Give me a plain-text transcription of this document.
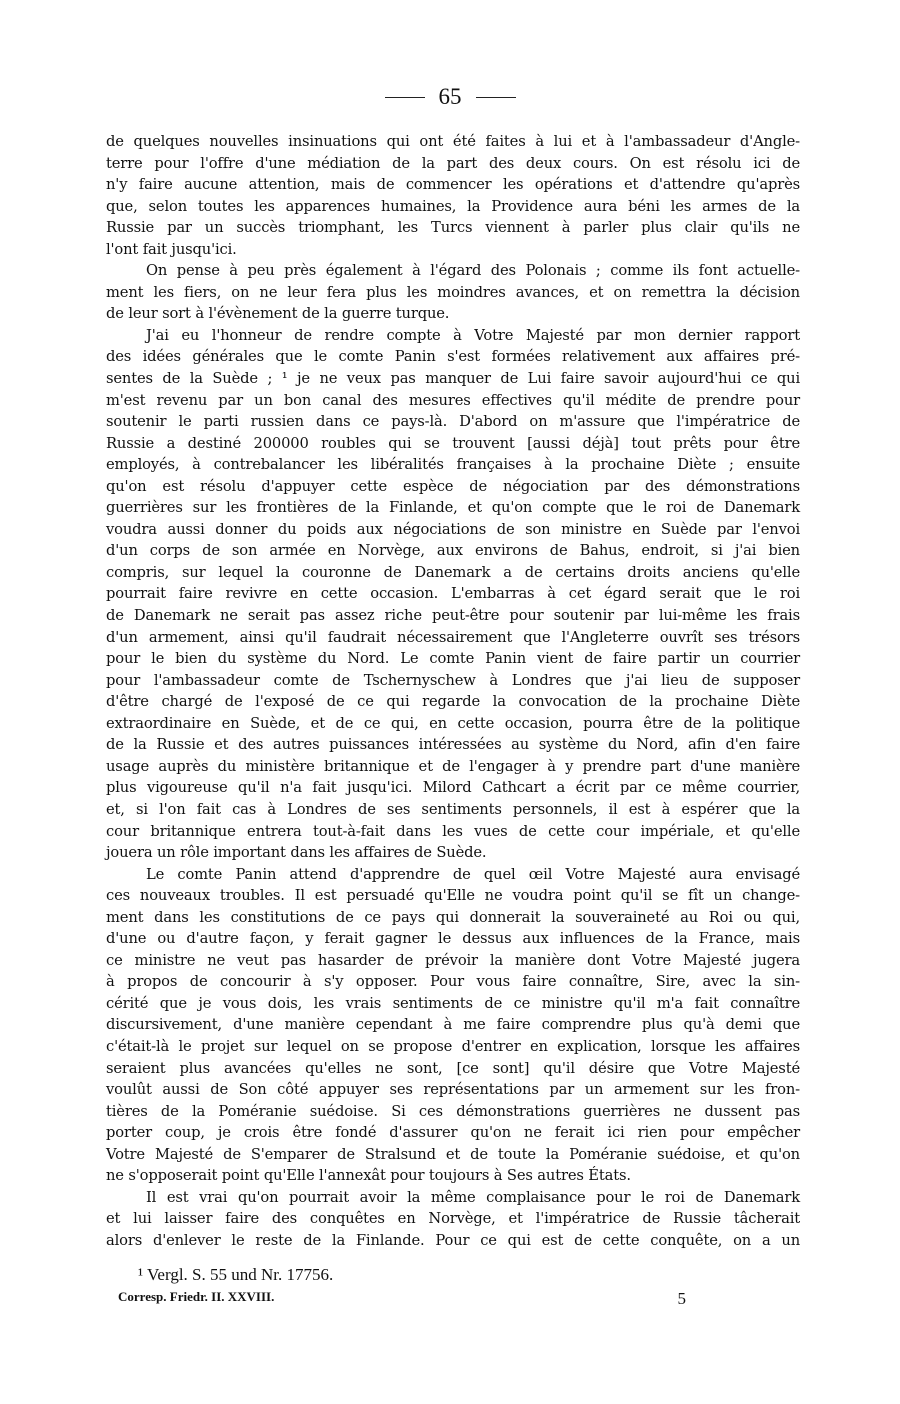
65
de quelques nouvelles insinuations qui ont été faites à lui et à l'ambassadeur d'Angle-
terre pour l'offre d'une médiation de la part des deux cours. On est résolu ici de
n'y faire aucune attention, mais de commencer les opérations et d'attendre qu'après
que, selon toutes les apparences humaines, la Providence aura béni les armes de la
Russie par un succès triomphant, les Turcs viennent à parler plus clair qu'ils ne
l'ont fait jusqu'ici.
On pense à peu près également à l'égard des Polonais ; comme ils font actuelle-
ment les fiers, on ne leur fera plus les moindres avances, et on remettra la décision
de leur sort à l'évènement de la guerre turque.
J'ai eu l'honneur de rendre compte à Votre Majesté par mon dernier rapport
des idées générales que le comte Panin s'est formées relativement aux affaires pré-
sentes de la Suède ; ¹ je ne veux pas manquer de Lui faire savoir aujourd'hui ce qui
m'est revenu par un bon canal des mesures effectives qu'il médite de prendre pour
soutenir le parti russien dans ce pays-là. D'abord on m'assure que l'impératrice de
Russie a destiné 200000 roubles qui se trouvent [aussi déjà] tout prêts pour être
employés, à contrebalancer les libéralités françaises à la prochaine Diète ; ensuite
qu'on est résolu d'appuyer cette espèce de négociation par des démonstrations
guerrières sur les frontières de la Finlande, et qu'on compte que le roi de Danemark
voudra aussi donner du poids aux négociations de son ministre en Suède par l'envoi
d'un corps de son armée en Norvège, aux environs de Bahus, endroit, si j'ai bien
compris, sur lequel la couronne de Danemark a de certains droits anciens qu'elle
pourrait faire revivre en cette occasion. L'embarras à cet égard serait que le roi
de Danemark ne serait pas assez riche peut-être pour soutenir par lui-même les frais
d'un armement, ainsi qu'il faudrait nécessairement que l'Angleterre ouvrît ses trésors
pour le bien du système du Nord. Le comte Panin vient de faire partir un courrier
pour l'ambassadeur comte de Tschernyschew à Londres que j'ai lieu de supposer
d'être chargé de l'exposé de ce qui regarde la convocation de la prochaine Diète
extraordinaire en Suède, et de ce qui, en cette occasion, pourra être de la politique
de la Russie et des autres puissances intéressées au système du Nord, afin d'en faire
usage auprès du ministère britannique et de l'engager à y prendre part d'une manière
plus vigoureuse qu'il n'a fait jusqu'ici. Milord Cathcart a écrit par ce même courrier,
et, si l'on fait cas à Londres de ses sentiments personnels, il est à espérer que la
cour britannique entrera tout-à-fait dans les vues de cette cour impériale, et qu'elle
jouera un rôle important dans les affaires de Suède.
Le comte Panin attend d'apprendre de quel œil Votre Majesté aura envisagé
ces nouveaux troubles. Il est persuadé qu'Elle ne voudra point qu'il se fît un change-
ment dans les constitutions de ce pays qui donnerait la souveraineté au Roi ou qui,
d'une ou d'autre façon, y ferait gagner le dessus aux influences de la France, mais
ce ministre ne veut pas hasarder de prévoir la manière dont Votre Majesté jugera
à propos de concourir à s'y opposer. Pour vous faire connaître, Sire, avec la sin-
cérité que je vous dois, les vrais sentiments de ce ministre qu'il m'a fait connaître
discursivement, d'une manière cependant à me faire comprendre plus qu'à demi que
c'était-là le projet sur lequel on se propose d'entrer en explication, lorsque les affaires
seraient plus avancées qu'elles ne sont, [ce sont] qu'il désire que Votre Majesté
voulût aussi de Son côté appuyer ses représentations par un armement sur les fron-
tières de la Poméranie suédoise. Si ces démonstrations guerrières ne dussent pas
porter coup, je crois être fondé d'assurer qu'on ne ferait ici rien pour empêcher
Votre Majesté de S'emparer de Stralsund et de toute la Poméranie suédoise, et qu'on
ne s'opposerait point qu'Elle l'annexât pour toujours à Ses autres États.
Il est vrai qu'on pourrait avoir la même complaisance pour le roi de Danemark
et lui laisser faire des conquêtes en Norvège, et l'impératrice de Russie tâcherait
alors d'enlever le reste de la Finlande. Pour ce qui est de cette conquête, on a un
¹ Vergl. S. 55 und Nr. 17756.
Corresp. Friedr. II. XXVIII.	5
